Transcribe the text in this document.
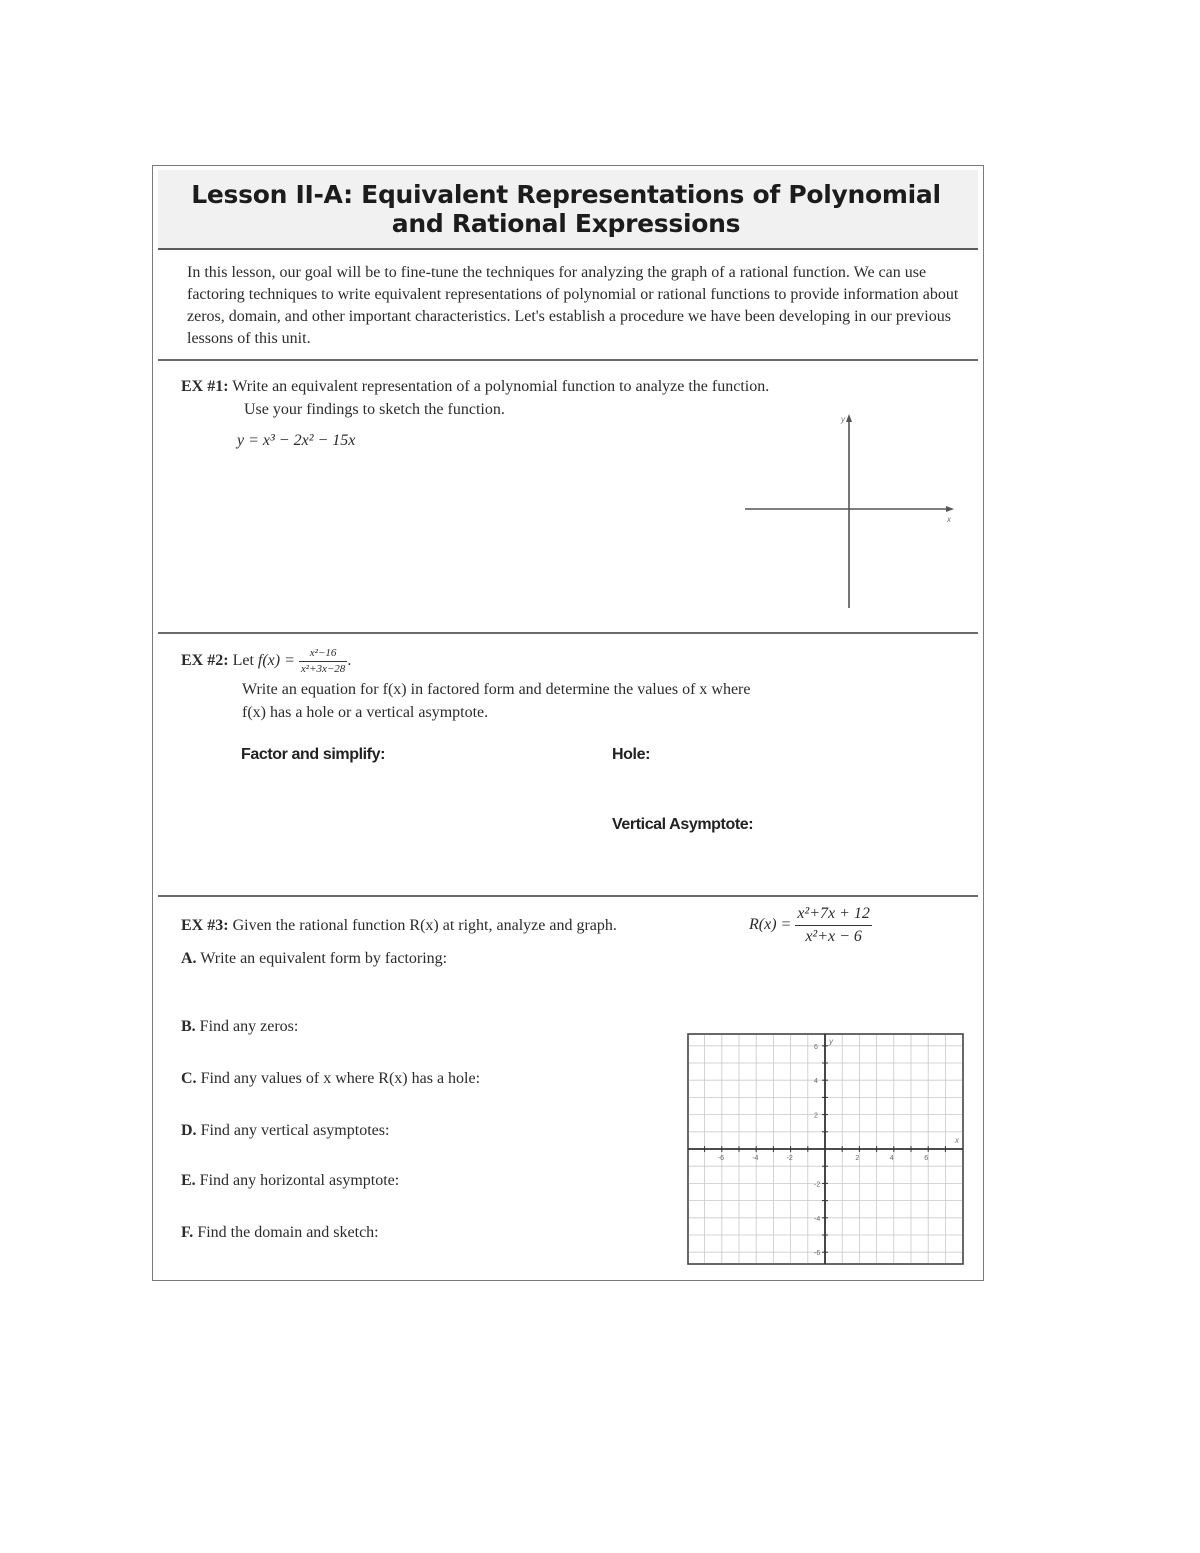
Lesson II-A: Equivalent Representations of Polynomial
and Rational Expressions

In this lesson, our goal will be to fine-tune the techniques for analyzing the graph of a rational function. We can use factoring techniques to write equivalent representations of polynomial or rational functions to provide information about zeros, domain, and other important characteristics. Let's establish a procedure we have been developing in our previous lessons of this unit.

EX #1: Write an equivalent representation of a polynomial function to analyze the function.

Use your findings to sketch the function.

y = x³ − 2x² − 15x

y
x

EX #2: Let $f(x) = \frac{\text{x²−16}}{\text{x²+3x−28}}$ .

Write an equation for f(x) in factored form and determine the values of x where

f(x) has a hole or a vertical asymptote.

Factor and simplify:	Hole:

Vertical Asymptote:

EX #3: Given the rational function R(x) at right, analyze and graph.	$R(x) = \frac{\text{x²+7x + 12}}{\text{x²+x − 6}}$

A. Write an equivalent form by factoring:

B. Find any zeros:

C. Find any values of x where R(x) has a hole:

D. Find any vertical asymptotes:

E. Find any horizontal asymptote:

F. Find the domain and sketch:

-6	-4	-2	2	4	6
6
4
2
-2
-4
-6
y
x
